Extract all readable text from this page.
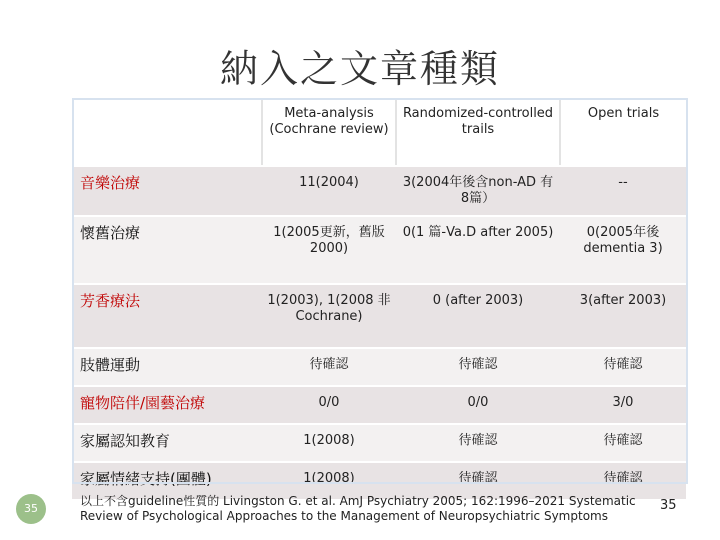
納入之文章種類
	Meta-analysis (Cochrane review)	Randomized-controlled trails	Open trials
音樂治療	11(2004)	3(2004年後含non-AD 有8篇）	--
懷舊治療	1(2005更新，舊版2000)	0(1 篇-Va.D after 2005)	0(2005年後 dementia 3)
芳香療法	1(2003), 1(2008 非Cochrane)	0 (after 2003)	3(after 2003)
肢體運動	待確認	待確認	待確認
寵物陪伴/園藝治療	0/0	0/0	3/0
家屬認知教育	1(2008)	待確認	待確認
家屬情緒支持(團體)	1(2008)	待確認	待確認
35
以上不含guideline性質的 Livingston G. et al. AmJ Psychiatry 2005; 162:1996–2021 Systematic Review of Psychological Approaches to the Management of Neuropsychiatric Symptoms
35
